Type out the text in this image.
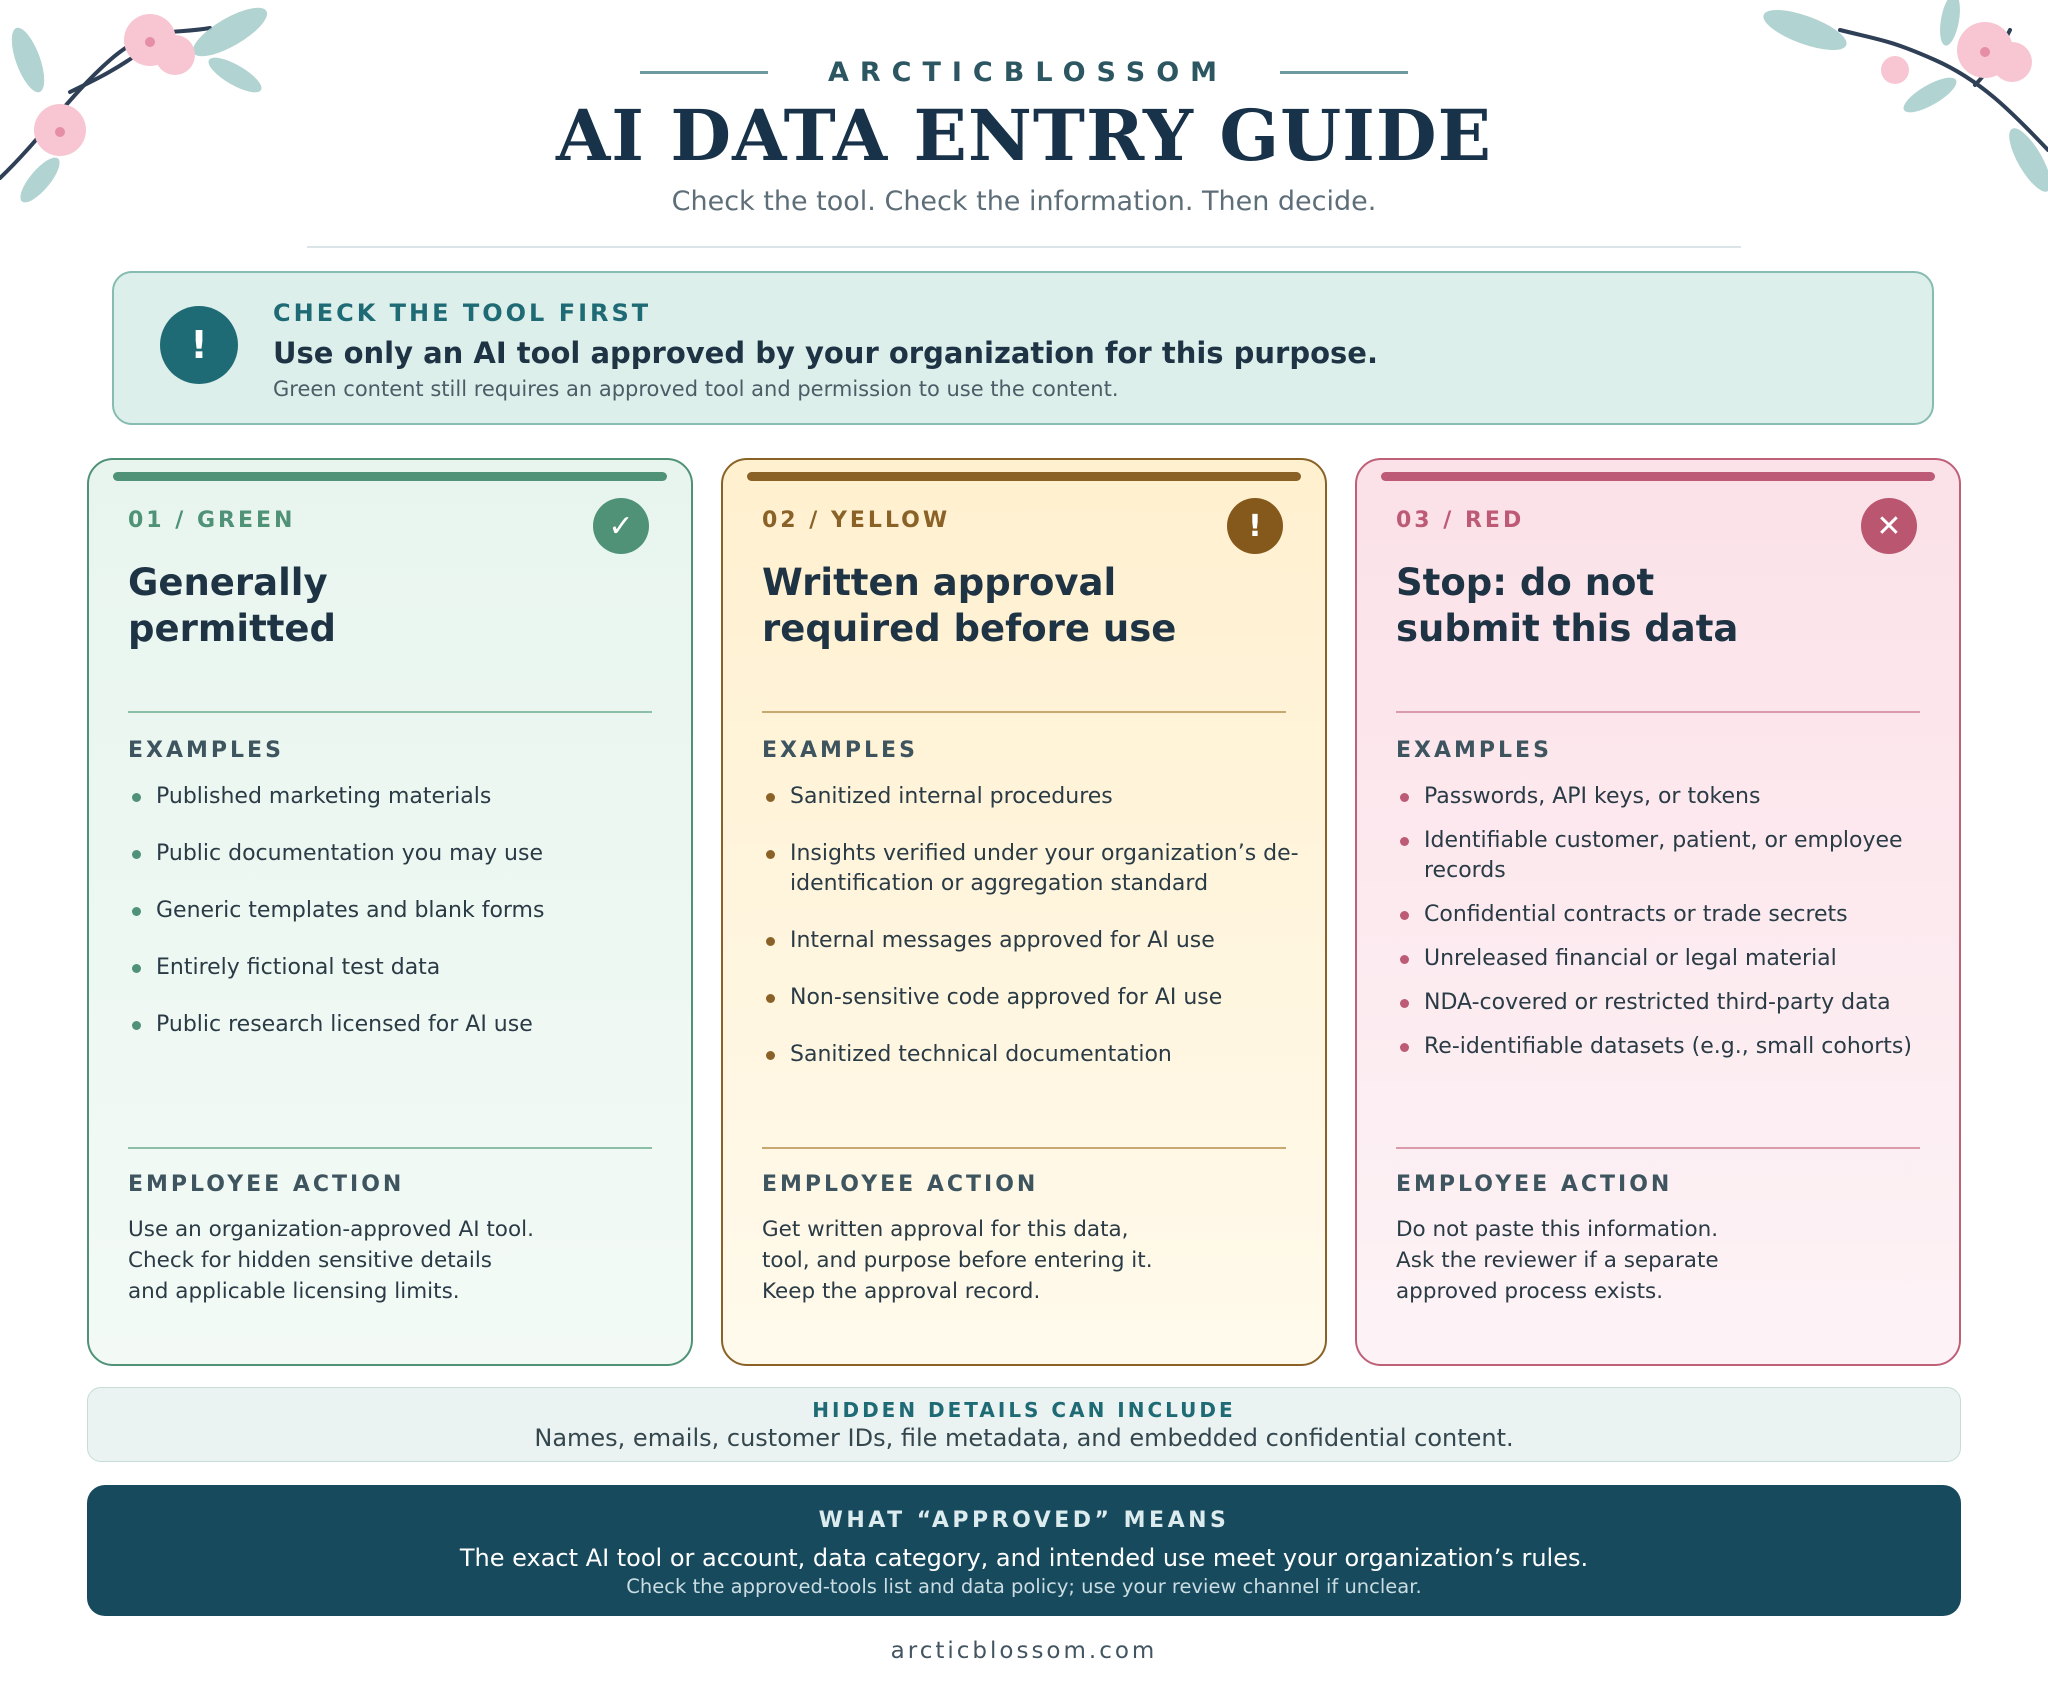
ARCTICBLOSSOM
AI DATA ENTRY GUIDE
Check the tool. Check the information. Then decide.
!
CHECK THE TOOL FIRST
Use only an AI tool approved by your organization for this purpose.
Green content still requires an approved tool and permission to use the content.
01 / GREEN	✓
Generally
permitted
EXAMPLES
Published marketing materials
Public documentation you may use
Generic templates and blank forms
Entirely fictional test data
Public research licensed for AI use
EMPLOYEE ACTION
Use an organization-approved AI tool.
Check for hidden sensitive details
and applicable licensing limits.
02 / YELLOW	!
Written approval
required before use
EXAMPLES
Sanitized internal procedures
Insights verified under your organization’s de-identification or aggregation standard
Internal messages approved for AI use
Non-sensitive code approved for AI use
Sanitized technical documentation
EMPLOYEE ACTION
Get written approval for this data,
tool, and purpose before entering it.
Keep the approval record.
03 / RED	✕
Stop: do not
submit this data
EXAMPLES
Passwords, API keys, or tokens
Identifiable customer, patient, or employee records
Confidential contracts or trade secrets
Unreleased financial or legal material
NDA-covered or restricted third-party data
Re-identifiable datasets (e.g., small cohorts)
EMPLOYEE ACTION
Do not paste this information.
Ask the reviewer if a separate
approved process exists.
HIDDEN DETAILS CAN INCLUDE
Names, emails, customer IDs, file metadata, and embedded confidential content.
WHAT “APPROVED” MEANS
The exact AI tool or account, data category, and intended use meet your organization’s rules.
Check the approved-tools list and data policy; use your review channel if unclear.
arcticblossom.com
